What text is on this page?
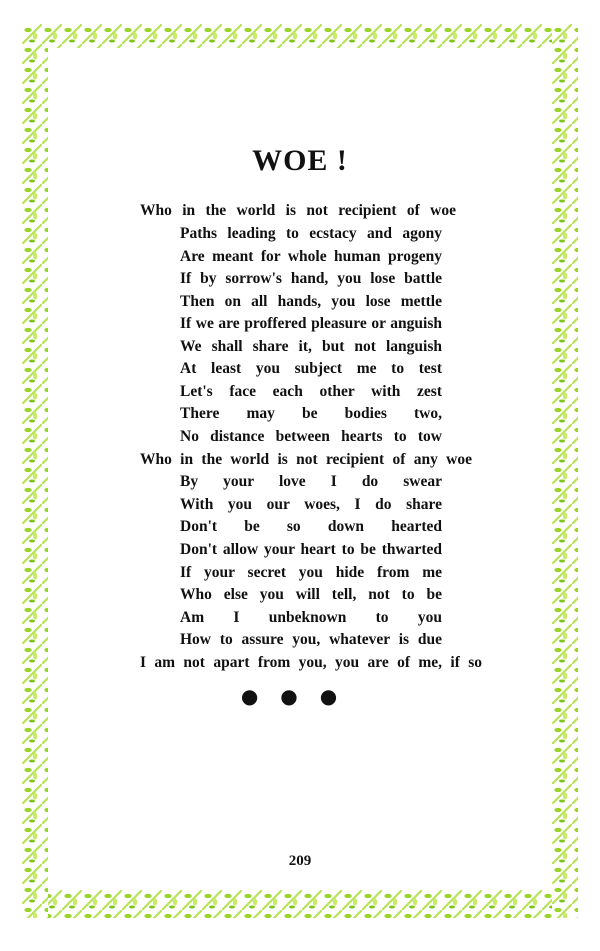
WOE !
Who in the world is not recipient of woe
Paths leading to ecstacy and agony
Are meant for whole human progeny
If by sorrow's hand, you lose battle
Then on all hands, you lose mettle
If we are proffered pleasure or anguish
We shall share it, but not languish
At least you subject me to test
Let's face each other with zest
There may be bodies two,
No distance between hearts to tow
Who in the world is not recipient of any woe
By your love I do swear
With you our woes, I do share
Don't be so down hearted
Don't allow your heart to be thwarted
If your secret you hide from me
Who else you will tell, not to be
Am I unbeknown to you
How to assure you, whatever is due
I am not apart from you, you are of me, if so
●●●
209
